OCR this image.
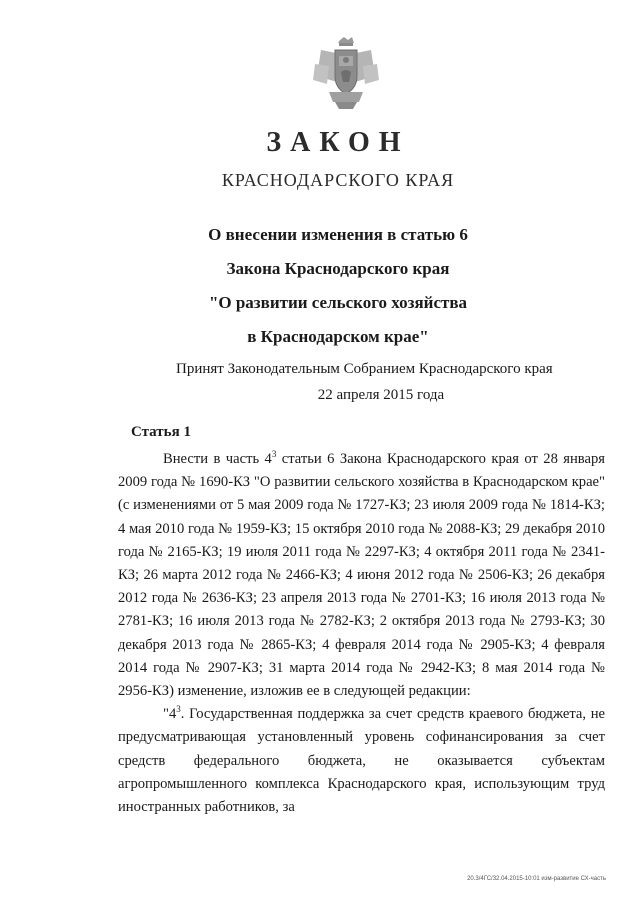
ЗАКОН
КРАСНОДАРСКОГО КРАЯ
О внесении изменения в статью 6
Закона Краснодарского края
"О развитии сельского хозяйства
в Краснодарском крае"
Принят Законодательным Собранием Краснодарского края
22 апреля 2015 года
Статья 1

Внести в часть $4^3$ статьи 6 Закона Краснодарского края от 28 января 2009 года № 1690-КЗ "О развитии сельского хозяйства в Краснодарском крае" (с изменениями от 5 мая 2009 года № 1727-КЗ; 23 июля 2009 года № 1814-КЗ; 4 мая 2010 года № 1959-КЗ; 15 октября 2010 года № 2088-КЗ; 29 декабря 2010 года № 2165-КЗ; 19 июля 2011 года № 2297-КЗ; 4 октября 2011 года № 2341-КЗ; 26 марта 2012 года № 2466-КЗ; 4 июня 2012 года № 2506-КЗ; 26 декабря 2012 года № 2636-КЗ; 23 апреля 2013 года № 2701-КЗ; 16 июля 2013 года № 2781-КЗ; 16 июля 2013 года № 2782-КЗ; 2 октября 2013 года № 2793-КЗ; 30 декабря 2013 года № 2865-КЗ; 4 февраля 2014 года № 2905-КЗ; 4 февраля 2014 года № 2907-КЗ; 31 марта 2014 года № 2942-КЗ; 8 мая 2014 года № 2956-КЗ) изменение, изложив ее в следующей редакции:

"$4^3$. Государственная поддержка за счет средств краевого бюджета, не предусматривающая установленный уровень софинансирования за счет средств федерального бюджета, не оказывается субъектам агропромышленного комплекса Краснодарского края, использующим труд иностранных работников, за

20.3/4ГС/32.04.2015-10:01 изм-развитие СХ-часть
